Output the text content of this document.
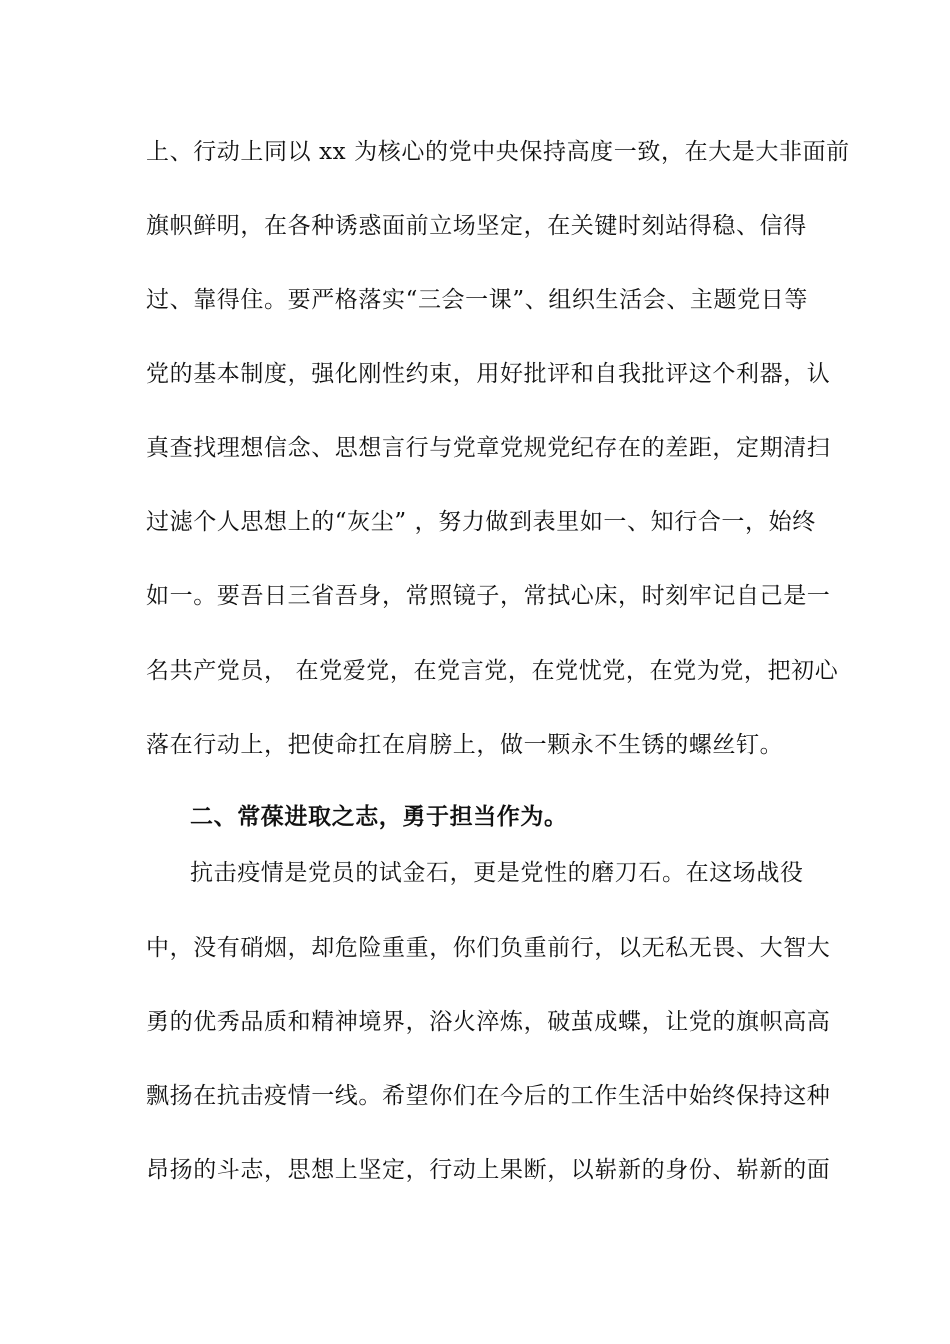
上、行动上同以 xx 为核心的党中央保持高度一致，在大是大非面前
旗帜鲜明，在各种诱惑面前立场坚定，在关键时刻站得稳、信得
过、靠得住。要严格落实“三会一课”、组织生活会、主题党日等
党的基本制度，强化刚性约束，用好批评和自我批评这个利器，认
真查找理想信念、思想言行与党章党规党纪存在的差距，定期清扫
过滤个人思想上的“灰尘” ，努力做到表里如一、知行合一，始终
如一。要吾日三省吾身，常照镜子，常拭心床，时刻牢记自己是一
名共产党员， 在党爱党，在党言党，在党忧党，在党为党，把初心
落在行动上，把使命扛在肩膀上，做一颗永不生锈的螺丝钉。
二、常葆进取之志，勇于担当作为。
抗击疫情是党员的试金石，更是党性的磨刀石。在这场战役
中，没有硝烟，却危险重重，你们负重前行，以无私无畏、大智大
勇的优秀品质和精神境界，浴火淬炼，破茧成蝶，让党的旗帜高高
飘扬在抗击疫情一线。希望你们在今后的工作生活中始终保持这种
昂扬的斗志，思想上坚定，行动上果断，以崭新的身份、崭新的面
